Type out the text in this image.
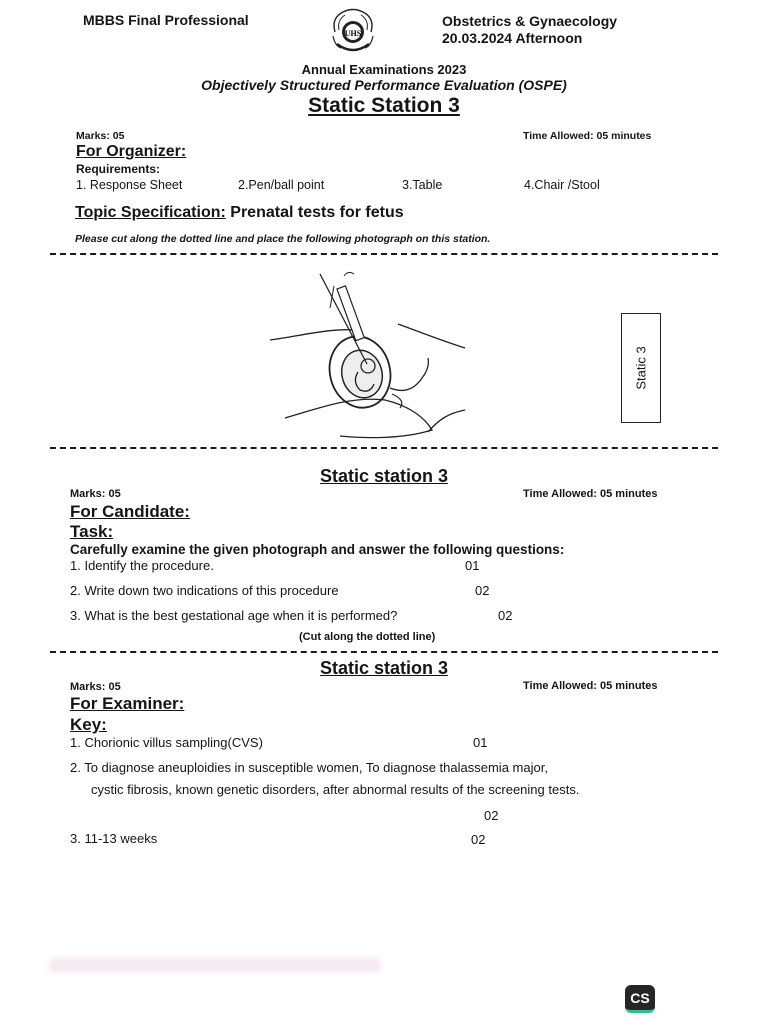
MBBS Final Professional
UHS
Obstetrics & Gynaecology
20.03.2024 Afternoon
Annual Examinations 2023
Objectively Structured Performance Evaluation (OSPE)
Static Station 3
Marks: 05	Time Allowed: 05 minutes
For Organizer:
Requirements:
1. Response Sheet	2.Pen/ball point	3.Table	4.Chair /Stool
Topic Specification: Prenatal tests for fetus
Please cut along the dotted line and place the following photograph on this station.
Static 3
Static station 3
Marks: 05	Time Allowed: 05 minutes
For Candidate:
Task:
Carefully examine the given photograph and answer the following questions:
1. Identify the procedure.	01
2. Write down two indications of this procedure	02
3. What is the best gestational age when it is performed?	02
(Cut along the dotted line)
Static station 3
Marks: 05	Time Allowed: 05 minutes
For Examiner:
Key:
1. Chorionic villus sampling(CVS)	01
2. To diagnose aneuploidies in susceptible women, To diagnose thalassemia major,
cystic fibrosis, known genetic disorders, after abnormal results of the screening tests.
02
3. 11-13 weeks	02
CS
